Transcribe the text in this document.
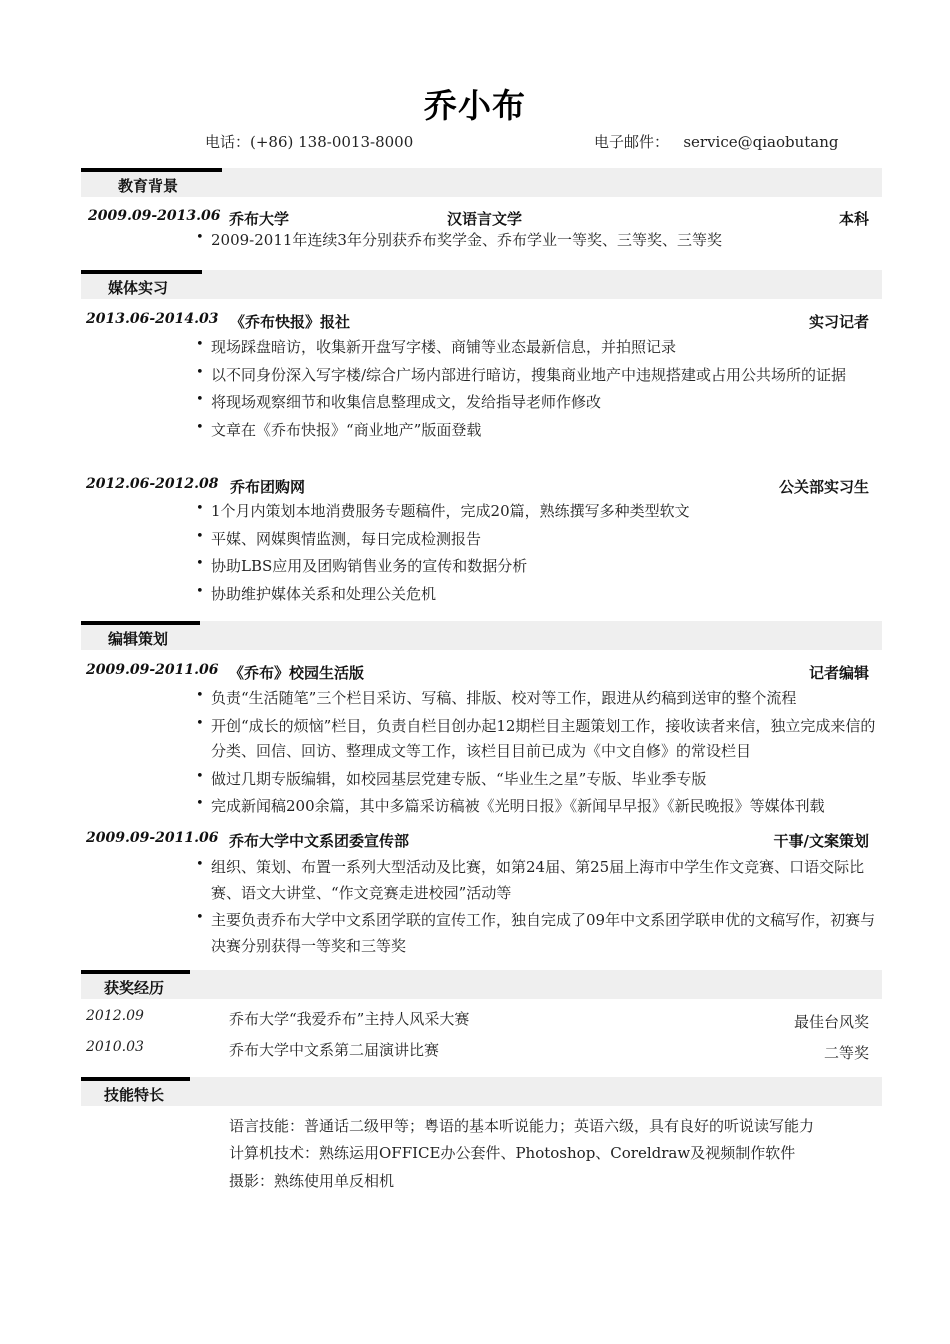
乔小布
电话：(+86) 138-0013-8000	电子邮件： service@qiaobutang
教育背景
2009.09-2013.06 乔布大学	汉语言文学	本科
• 2009-2011年连续3年分别获乔布奖学金、乔布学业一等奖、三等奖、三等奖
媒体实习
2013.06-2014.03 《乔布快报》报社	实习记者
• 现场踩盘暗访，收集新开盘写字楼、商铺等业态最新信息，并拍照记录
• 以不同身份深入写字楼/综合广场内部进行暗访，搜集商业地产中违规搭建或占用公共场所的证据
• 将现场观察细节和收集信息整理成文，发给指导老师作修改
• 文章在《乔布快报》“商业地产”版面登载
2012.06-2012.08 乔布团购网	公关部实习生
• 1个月内策划本地消费服务专题稿件，完成20篇，熟练撰写多种类型软文
• 平媒、网媒舆情监测，每日完成检测报告
• 协助LBS应用及团购销售业务的宣传和数据分析
• 协助维护媒体关系和处理公关危机
编辑策划
2009.09-2011.06 《乔布》校园生活版	记者编辑
• 负责“生活随笔”三个栏目采访、写稿、排版、校对等工作，跟进从约稿到送审的整个流程
• 开创“成长的烦恼”栏目，负责自栏目创办起12期栏目主题策划工作，接收读者来信，独立完成来信的分类、回信、回访、整理成文等工作，该栏目目前已成为《中文自修》的常设栏目
• 做过几期专版编辑，如校园基层党建专版、“毕业生之星”专版、毕业季专版
• 完成新闻稿200余篇，其中多篇采访稿被《光明日报》《新闻早早报》《新民晚报》等媒体刊载
2009.09-2011.06 乔布大学中文系团委宣传部	干事/文案策划
• 组织、策划、布置一系列大型活动及比赛，如第24届、第25届上海市中学生作文竞赛、口语交际比赛、语文大讲堂、“作文竞赛走进校园”活动等
• 主要负责乔布大学中文系团学联的宣传工作，独自完成了09年中文系团学联申优的文稿写作，初赛与决赛分别获得一等奖和三等奖
获奖经历
2012.09	乔布大学“我爱乔布”主持人风采大赛	最佳台风奖
2010.03	乔布大学中文系第二届演讲比赛	二等奖
技能特长
语言技能：普通话二级甲等；粤语的基本听说能力；英语六级，具有良好的听说读写能力
计算机技术：熟练运用OFFICE办公套件、Photoshop、Coreldraw及视频制作软件
摄影：熟练使用单反相机
